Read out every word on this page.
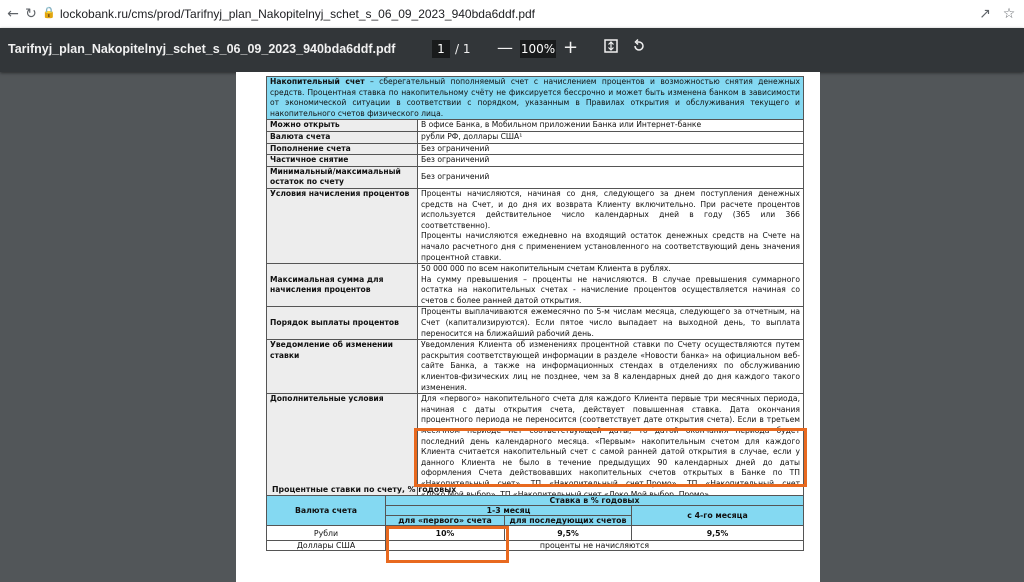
← ↻ 🔒 lockobank.ru/cms/prod/Tarifnyj_plan_Nakopitelnyj_schet_s_06_09_2023_940bda6ddf.pdf	↗ ☆
Tarifnyj_plan_Nakopitelnyj_schet_s_06_09_2023_940bda6ddf.pdf	1 / 1 — 100% +
Накопительный счет – сберегательный пополняемый счет с начислением процентов и возможностью снятия денежных средств. Процентная ставка по накопительному счёту не фиксируется бессрочно и может быть изменена банком в зависимости от экономической ситуации в соответствии с порядком, указанным в Правилах открытия и обслуживания текущего и накопительного счетов физического лица.	
Можно открыть	В офисе Банка, в Мобильном приложении Банка или Интернет-банке
Валюта счета	рубли РФ, доллары США¹
Пополнение счета	Без ограничений
Частичное снятие	Без ограничений
Минимальный/максимальный остаток по счету	Без ограничений
Условия начисления процентов	Проценты начисляются, начиная со дня, следующего за днем поступления денежных средств на Счет, и до дня их возврата Клиенту включительно. При расчете процентов используется действительное число календарных дней в году (365 или 366 соответственно).
Проценты начисляются ежедневно на входящий остаток денежных средств на Счете на начало расчетного дня с применением установленного на соответствующий день значения процентной ставки.

Максимальная сумма для начисления процентов	50 000 000 по всем накопительным счетам Клиента в рублях.
На сумму превышения – проценты не начисляются. В случае превышения суммарного остатка на накопительных счетах - начисление процентов осуществляется начиная со счетов с более ранней датой открытия.

Порядок выплаты процентов	Проценты выплачиваются ежемесячно по 5-м числам месяца, следующего за отчетным, на Счет (капитализируются). Если пятое число выпадает на выходной день, то выплата переносится на ближайший рабочий день.
Уведомление об изменении ставки	Уведомления Клиента об изменениях процентной ставки по Счету осуществляются путем раскрытия соответствующей информации в разделе «Новости банка» на официальном веб-сайте Банка, а также на информационных стендах в отделениях по обслуживанию клиентов-физических лиц не позднее, чем за 8 календарных дней до дня каждого такого изменения.
Дополнительные условия	Для «первого» накопительного счета для каждого Клиента первые три месячных периода, начиная с даты открытия счета, действует повышенная ставка. Дата окончания процентного периода не переносится (соответствует дате открытия счета). Если в третьем месячном периоде нет соответствующей даты, то датой окончания периода будет последний день календарного месяца. «Первым» накопительным счетом для каждого Клиента считается накопительный счет с самой ранней датой открытия в случае, если у данного Клиента не было в течение предыдущих 90 календарных дней до даты оформления Счета действовавших накопительных счетов открытых в Банке по ТП «Накопительный счет», ТП «Накопительный счет.Промо», ТП «Накопительный счет «Локо.Мой выбор», ТП «Накопительный счет «Локо.Мой выбор. Промо».
Процентные ставки по счету, % годовых
Валюта счета	Ставка в % годовых		
	1-3 месяц		с 4-го месяца
	для «первого» счета	для последующих счетов	
Рубли	10%	9,5%	9,5%
Доллары США	проценты не начисляются		
